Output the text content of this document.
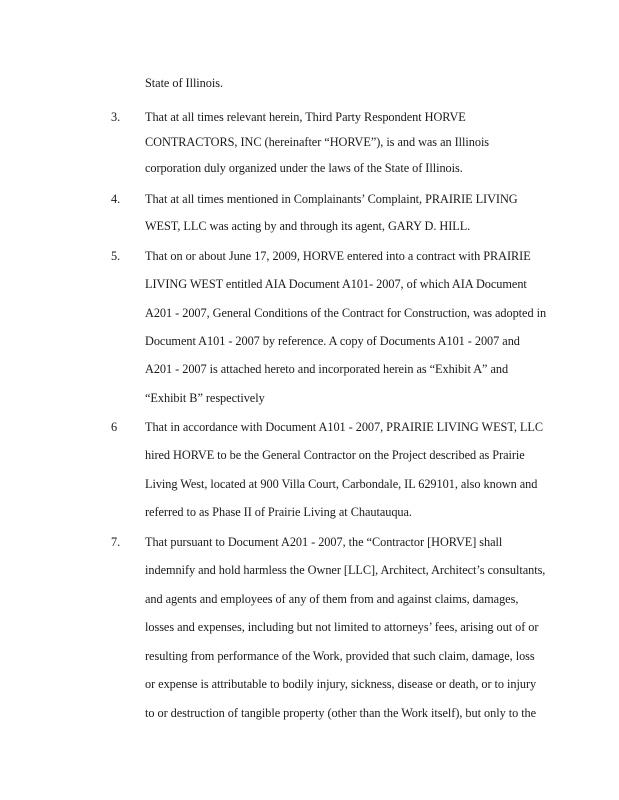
State of Illinois.
3. That at all times relevant herein, Third Party Respondent HORVE
CONTRACTORS, INC (hereinafter “HORVE”), is and was an Illinois
corporation duly organized under the laws of the State of Illinois.
4. That at all times mentioned in Complainants’ Complaint, PRAIRIE LIVING
WEST, LLC was acting by and through its agent, GARY D. HILL.
5. That on or about June 17, 2009, HORVE entered into a contract with PRAIRIE
LIVING WEST entitled AIA Document A101- 2007, of which AIA Document
A201 - 2007, General Conditions of the Contract for Construction, was adopted in
Document A101 - 2007 by reference. A copy of Documents A101 - 2007 and
A201 - 2007 is attached hereto and incorporated herein as “Exhibit A” and
“Exhibit B” respectively
6 That in accordance with Document A101 - 2007, PRAIRIE LIVING WEST, LLC
hired HORVE to be the General Contractor on the Project described as Prairie
Living West, located at 900 Villa Court, Carbondale, IL 629101, also known and
referred to as Phase II of Prairie Living at Chautauqua.
7. That pursuant to Document A201 - 2007, the “Contractor [HORVE] shall
indemnify and hold harmless the Owner [LLC], Architect, Architect’s consultants,
and agents and employees of any of them from and against claims, damages,
losses and expenses, including but not limited to attorneys’ fees, arising out of or
resulting from performance of the Work, provided that such claim, damage, loss
or expense is attributable to bodily injury, sickness, disease or death, or to injury
to or destruction of tangible property (other than the Work itself), but only to the
